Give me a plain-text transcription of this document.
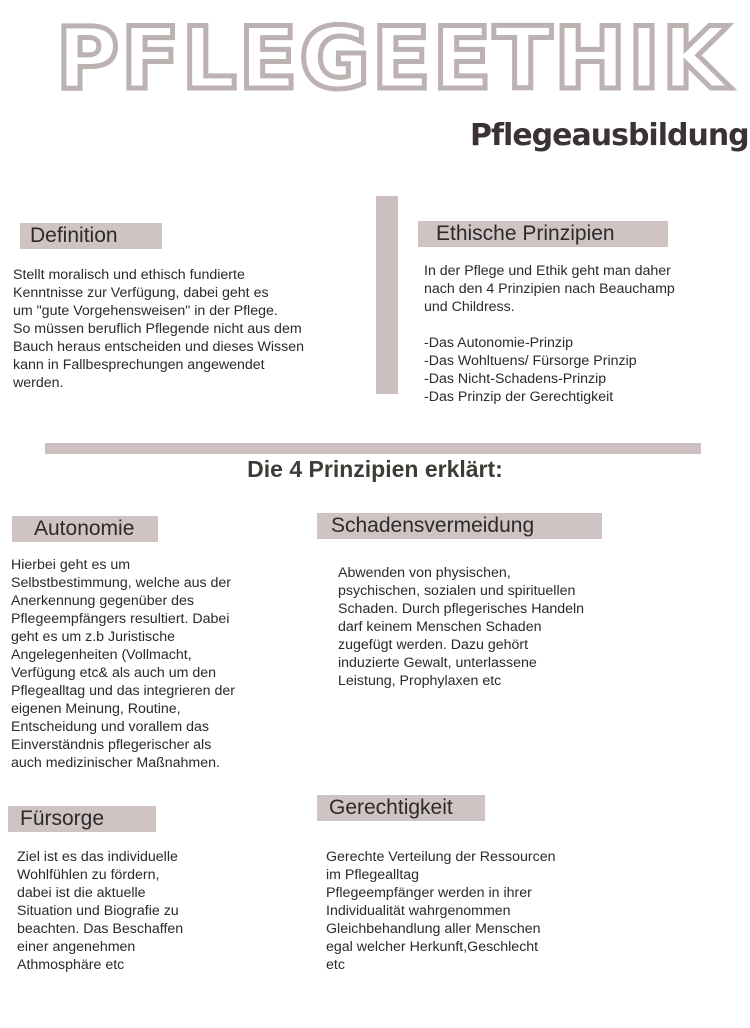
PFLEGEETHIK
Pflegeausbildung
Definition
Stellt moralisch und ethisch fundierte
Kenntnisse zur Verfügung, dabei geht es
um "gute Vorgehensweisen" in der Pflege.
So müssen beruflich Pflegende nicht aus dem
Bauch heraus entscheiden und dieses Wissen
kann in Fallbesprechungen angewendet
werden.
Ethische Prinzipien
In der Pflege und Ethik geht man daher
nach den 4 Prinzipien nach Beauchamp
und Childress.
-Das Autonomie-Prinzip
-Das Wohltuens/ Fürsorge Prinzip
-Das Nicht-Schadens-Prinzip
-Das Prinzip der Gerechtigkeit
Die 4 Prinzipien erklärt:
Autonomie
Hierbei geht es um
Selbstbestimmung, welche aus der
Anerkennung gegenüber des
Pflegeempfängers resultiert. Dabei
geht es um z.b Juristische
Angelegenheiten (Vollmacht,
Verfügung etc& als auch um den
Pflegealltag und das integrieren der
eigenen Meinung, Routine,
Entscheidung und vorallem das
Einverständnis pflegerischer als
auch medizinischer Maßnahmen.
Schadensvermeidung
Abwenden von physischen,
psychischen, sozialen und spirituellen
Schaden. Durch pflegerisches Handeln
darf keinem Menschen Schaden
zugefügt werden. Dazu gehört
induzierte Gewalt, unterlassene
Leistung, Prophylaxen etc
Fürsorge
Ziel ist es das individuelle
Wohlfühlen zu fördern,
dabei ist die aktuelle
Situation und Biografie zu
beachten. Das Beschaffen
einer angenehmen
Athmosphäre etc
Gerechtigkeit
Gerechte Verteilung der Ressourcen
im Pflegealltag
Pflegeempfänger werden in ihrer
Individualität wahrgenommen
Gleichbehandlung aller Menschen
egal welcher Herkunft,Geschlecht
etc
